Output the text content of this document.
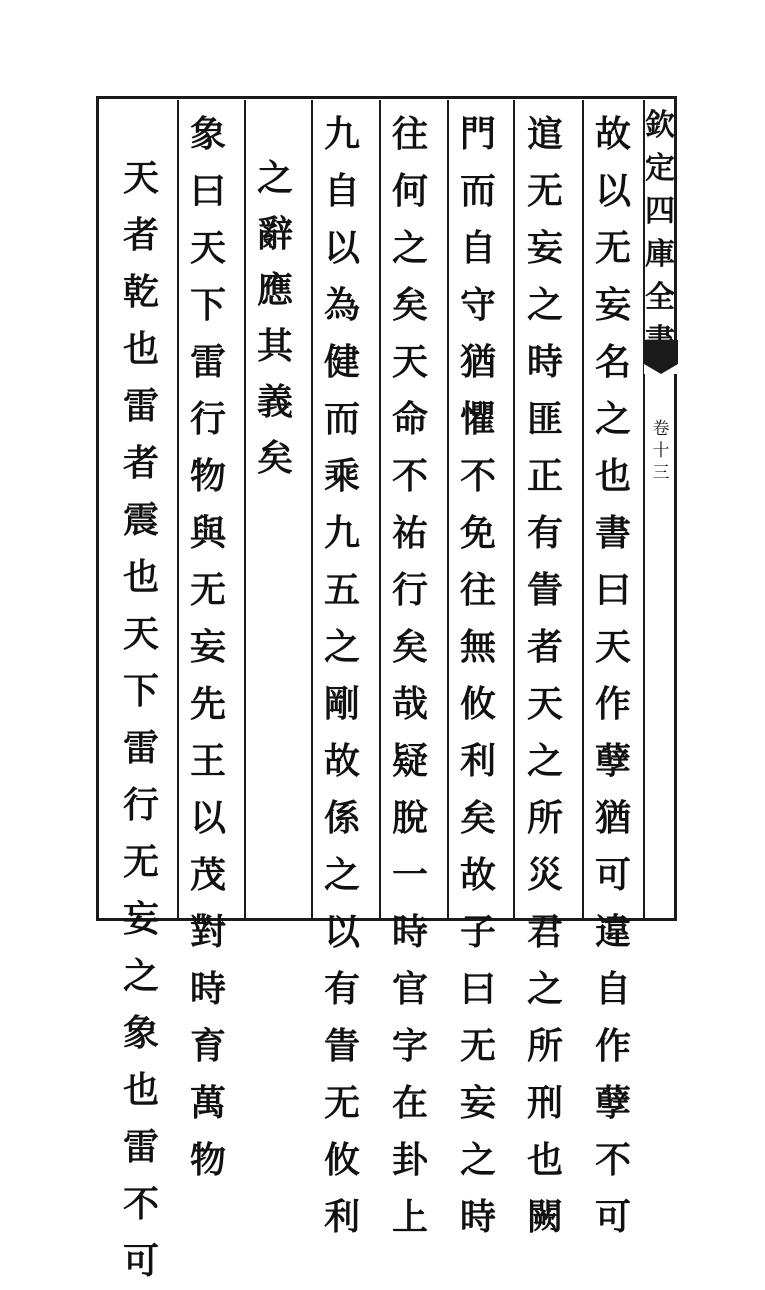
欽
定
四
庫
全
卷
十
三
故
以
无
妄
名
之
也
書
曰
天
作
孽
猶
可
違
自
作
孽
不
可
逭
无
妄
之
時
匪
正
有
眚
者
天
之
所
災
君
之
所
刑
也
闕
門
而
自
守
猶
懼
不
免
往
無
攸
利
矣
故
子
曰
无
妄
之
時
往
何
之
矣
天
命
不
祐
行
矣
哉
疑
脫
一
時
官
字
在
卦
上
九
自
以
為
健
而
乘
九
五
之
剛
故
係
之
以
有
眚
无
攸
利
之
辭
應
其
義
矣
象
曰
天
下
雷
行
物
與
无
妄
先
王
以
茂
對
時
育
萬
物
天
者
乾
也
雷
者
震
也
天
下
雷
行
无
妄
之
象
也
雷
不
可
